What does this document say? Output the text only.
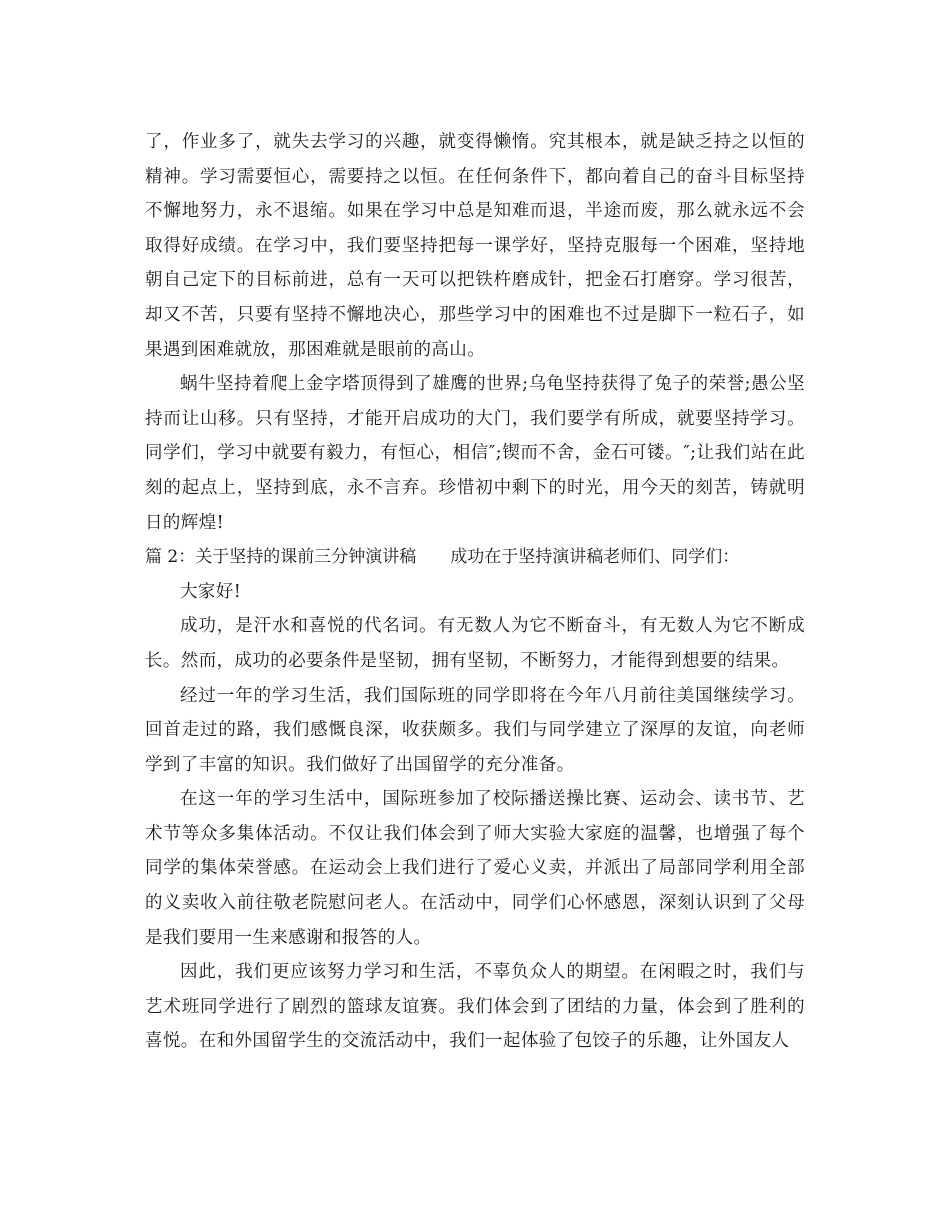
了，作业多了，就失去学习的兴趣，就变得懒惰。究其根本，就是缺乏持之以恒的精神。学习需要恒心，需要持之以恒。在任何条件下，都向着自己的奋斗目标坚持不懈地努力，永不退缩。如果在学习中总是知难而退，半途而废，那么就永远不会取得好成绩。在学习中，我们要坚持把每一课学好，坚持克服每一个困难，坚持地朝自己定下的目标前进，总有一天可以把铁杵磨成针，把金石打磨穿。学习很苦，却又不苦，只要有坚持不懈地决心，那些学习中的困难也不过是脚下一粒石子，如果遇到困难就放，那困难就是眼前的高山。

蜗牛坚持着爬上金字塔顶得到了雄鹰的世界;乌龟坚持获得了兔子的荣誉;愚公坚持而让山移。只有坚持，才能开启成功的大门，我们要学有所成，就要坚持学习。同学们，学习中就要有毅力，有恒心，相信″;锲而不舍，金石可镂。″;让我们站在此刻的起点上，坚持到底，永不言弃。珍惜初中剩下的时光，用今天的刻苦，铸就明日的辉煌!

篇 2：关于坚持的课前三分钟演讲稿　　成功在于坚持演讲稿老师们、同学们：

大家好!

成功，是汗水和喜悦的代名词。有无数人为它不断奋斗，有无数人为它不断成长。然而，成功的必要条件是坚韧，拥有坚韧，不断努力，才能得到想要的结果。

经过一年的学习生活，我们国际班的同学即将在今年八月前往美国继续学习。回首走过的路，我们感慨良深，收获颇多。我们与同学建立了深厚的友谊，向老师学到了丰富的知识。我们做好了出国留学的充分准备。

在这一年的学习生活中，国际班参加了校际播送操比赛、运动会、读书节、艺术节等众多集体活动。不仅让我们体会到了师大实验大家庭的温馨，也增强了每个同学的集体荣誉感。在运动会上我们进行了爱心义卖，并派出了局部同学利用全部的义卖收入前往敬老院慰问老人。在活动中，同学们心怀感恩，深刻认识到了父母是我们要用一生来感谢和报答的人。

因此，我们更应该努力学习和生活，不辜负众人的期望。在闲暇之时，我们与艺术班同学进行了剧烈的篮球友谊赛。我们体会到了团结的力量，体会到了胜利的喜悦。在和外国留学生的交流活动中，我们一起体验了包饺子的乐趣，让外国友人
